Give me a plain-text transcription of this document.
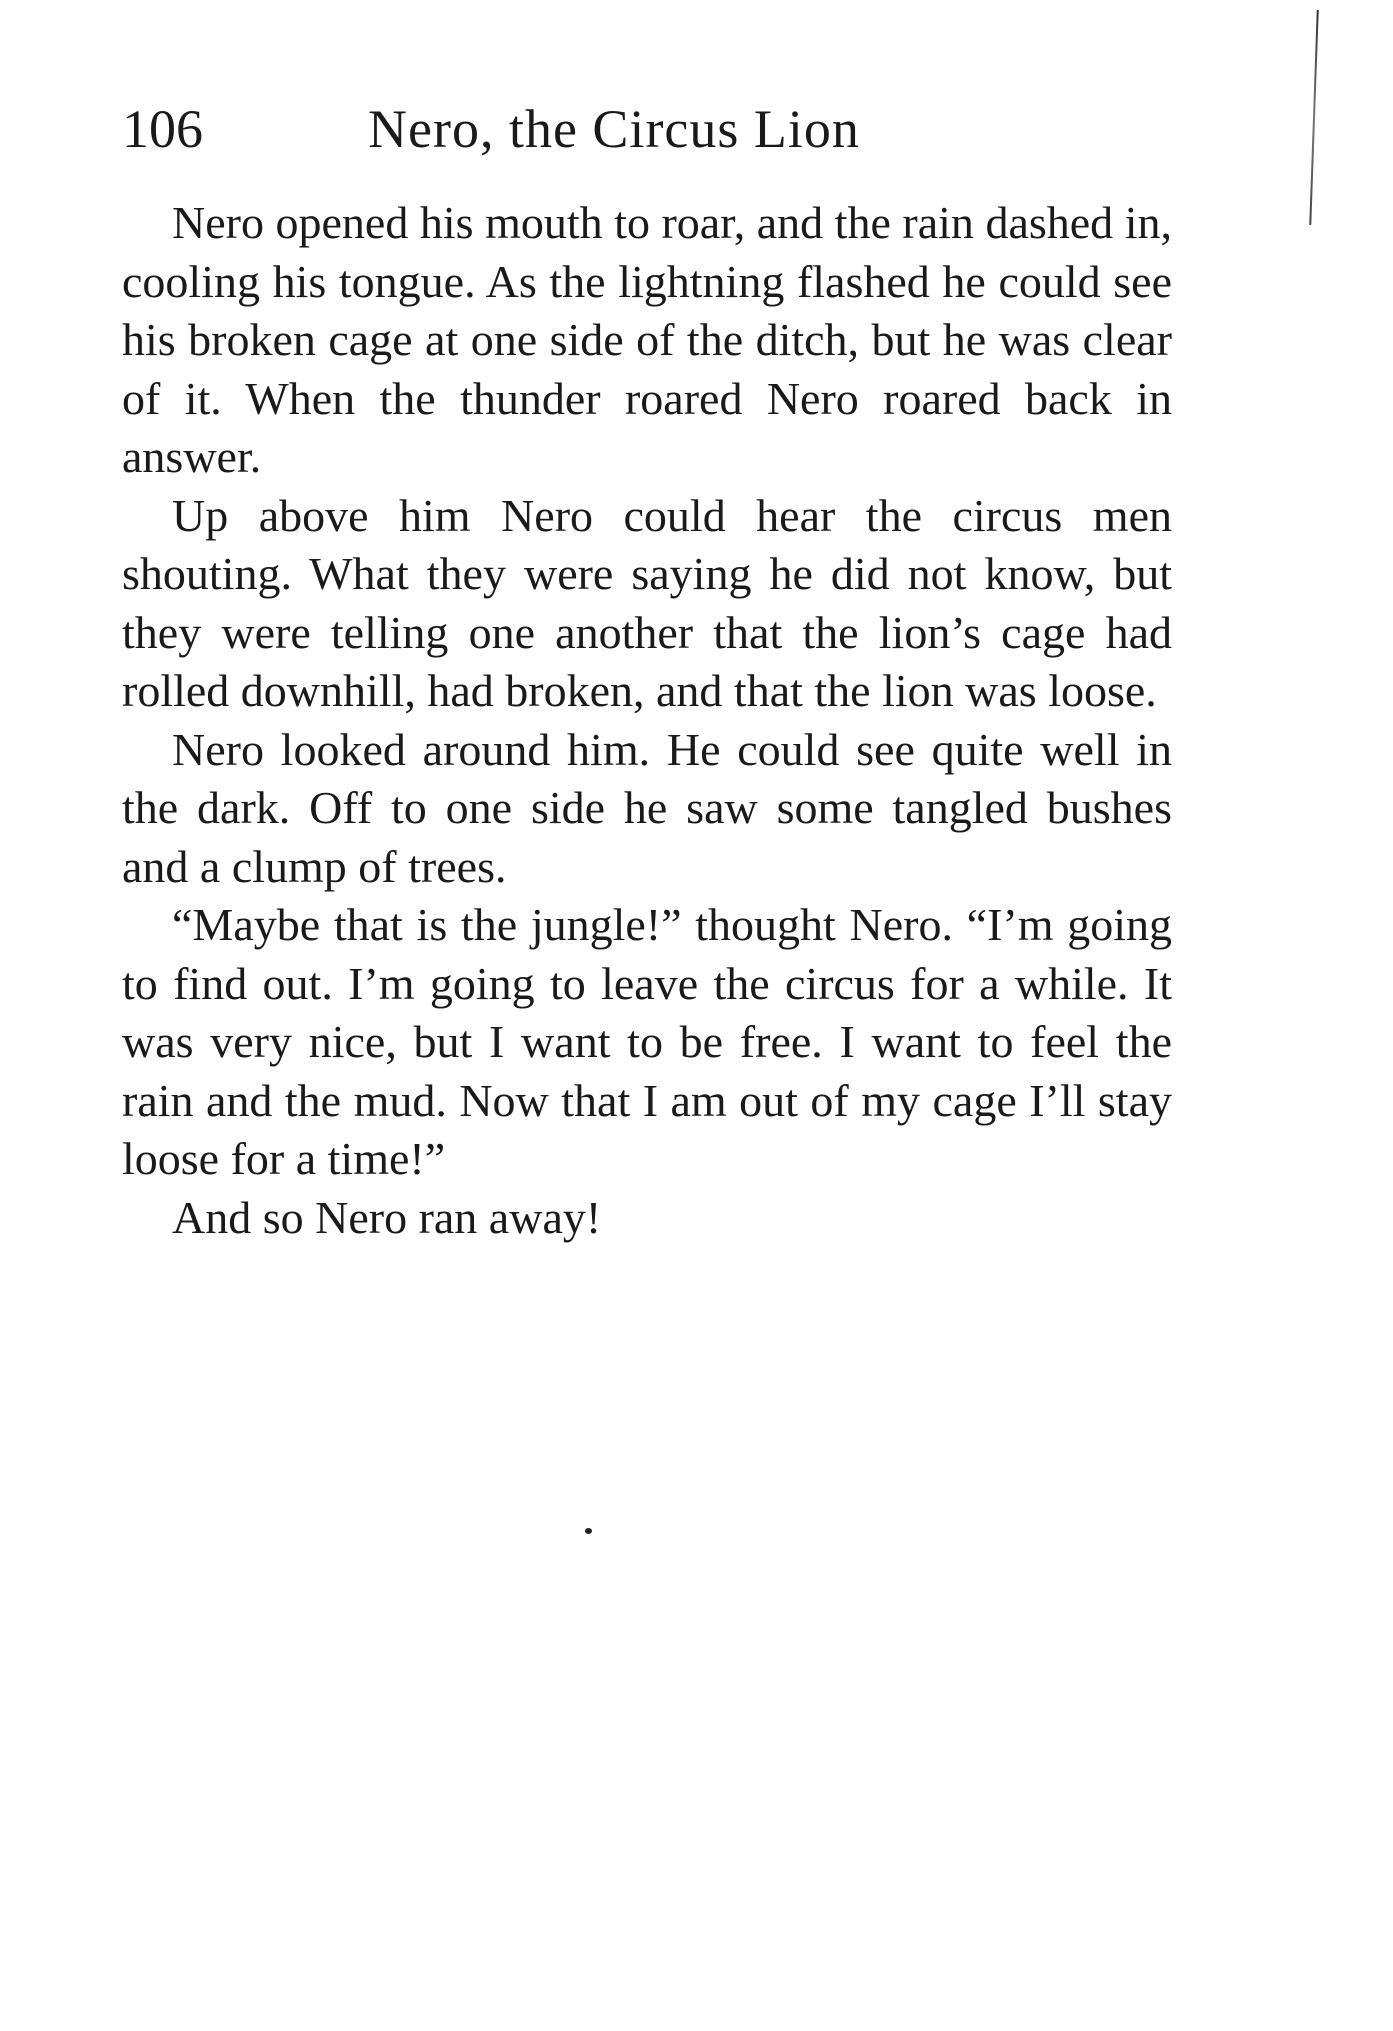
106	Nero, the Circus Lion

Nero opened his mouth to roar, and the rain dashed in, cooling his tongue. As the lightning flashed he could see his broken cage at one side of the ditch, but he was clear of it. When the thunder roared Nero roared back in answer.

Up above him Nero could hear the circus men shouting. What they were saying he did not know, but they were telling one another that the lion’s cage had rolled downhill, had broken, and that the lion was loose.

Nero looked around him. He could see quite well in the dark. Off to one side he saw some tangled bushes and a clump of trees.

“Maybe that is the jungle!” thought Nero. “I’m going to find out. I’m going to leave the circus for a while. It was very nice, but I want to be free. I want to feel the rain and the mud. Now that I am out of my cage I’ll stay loose for a time!”

And so Nero ran away!
